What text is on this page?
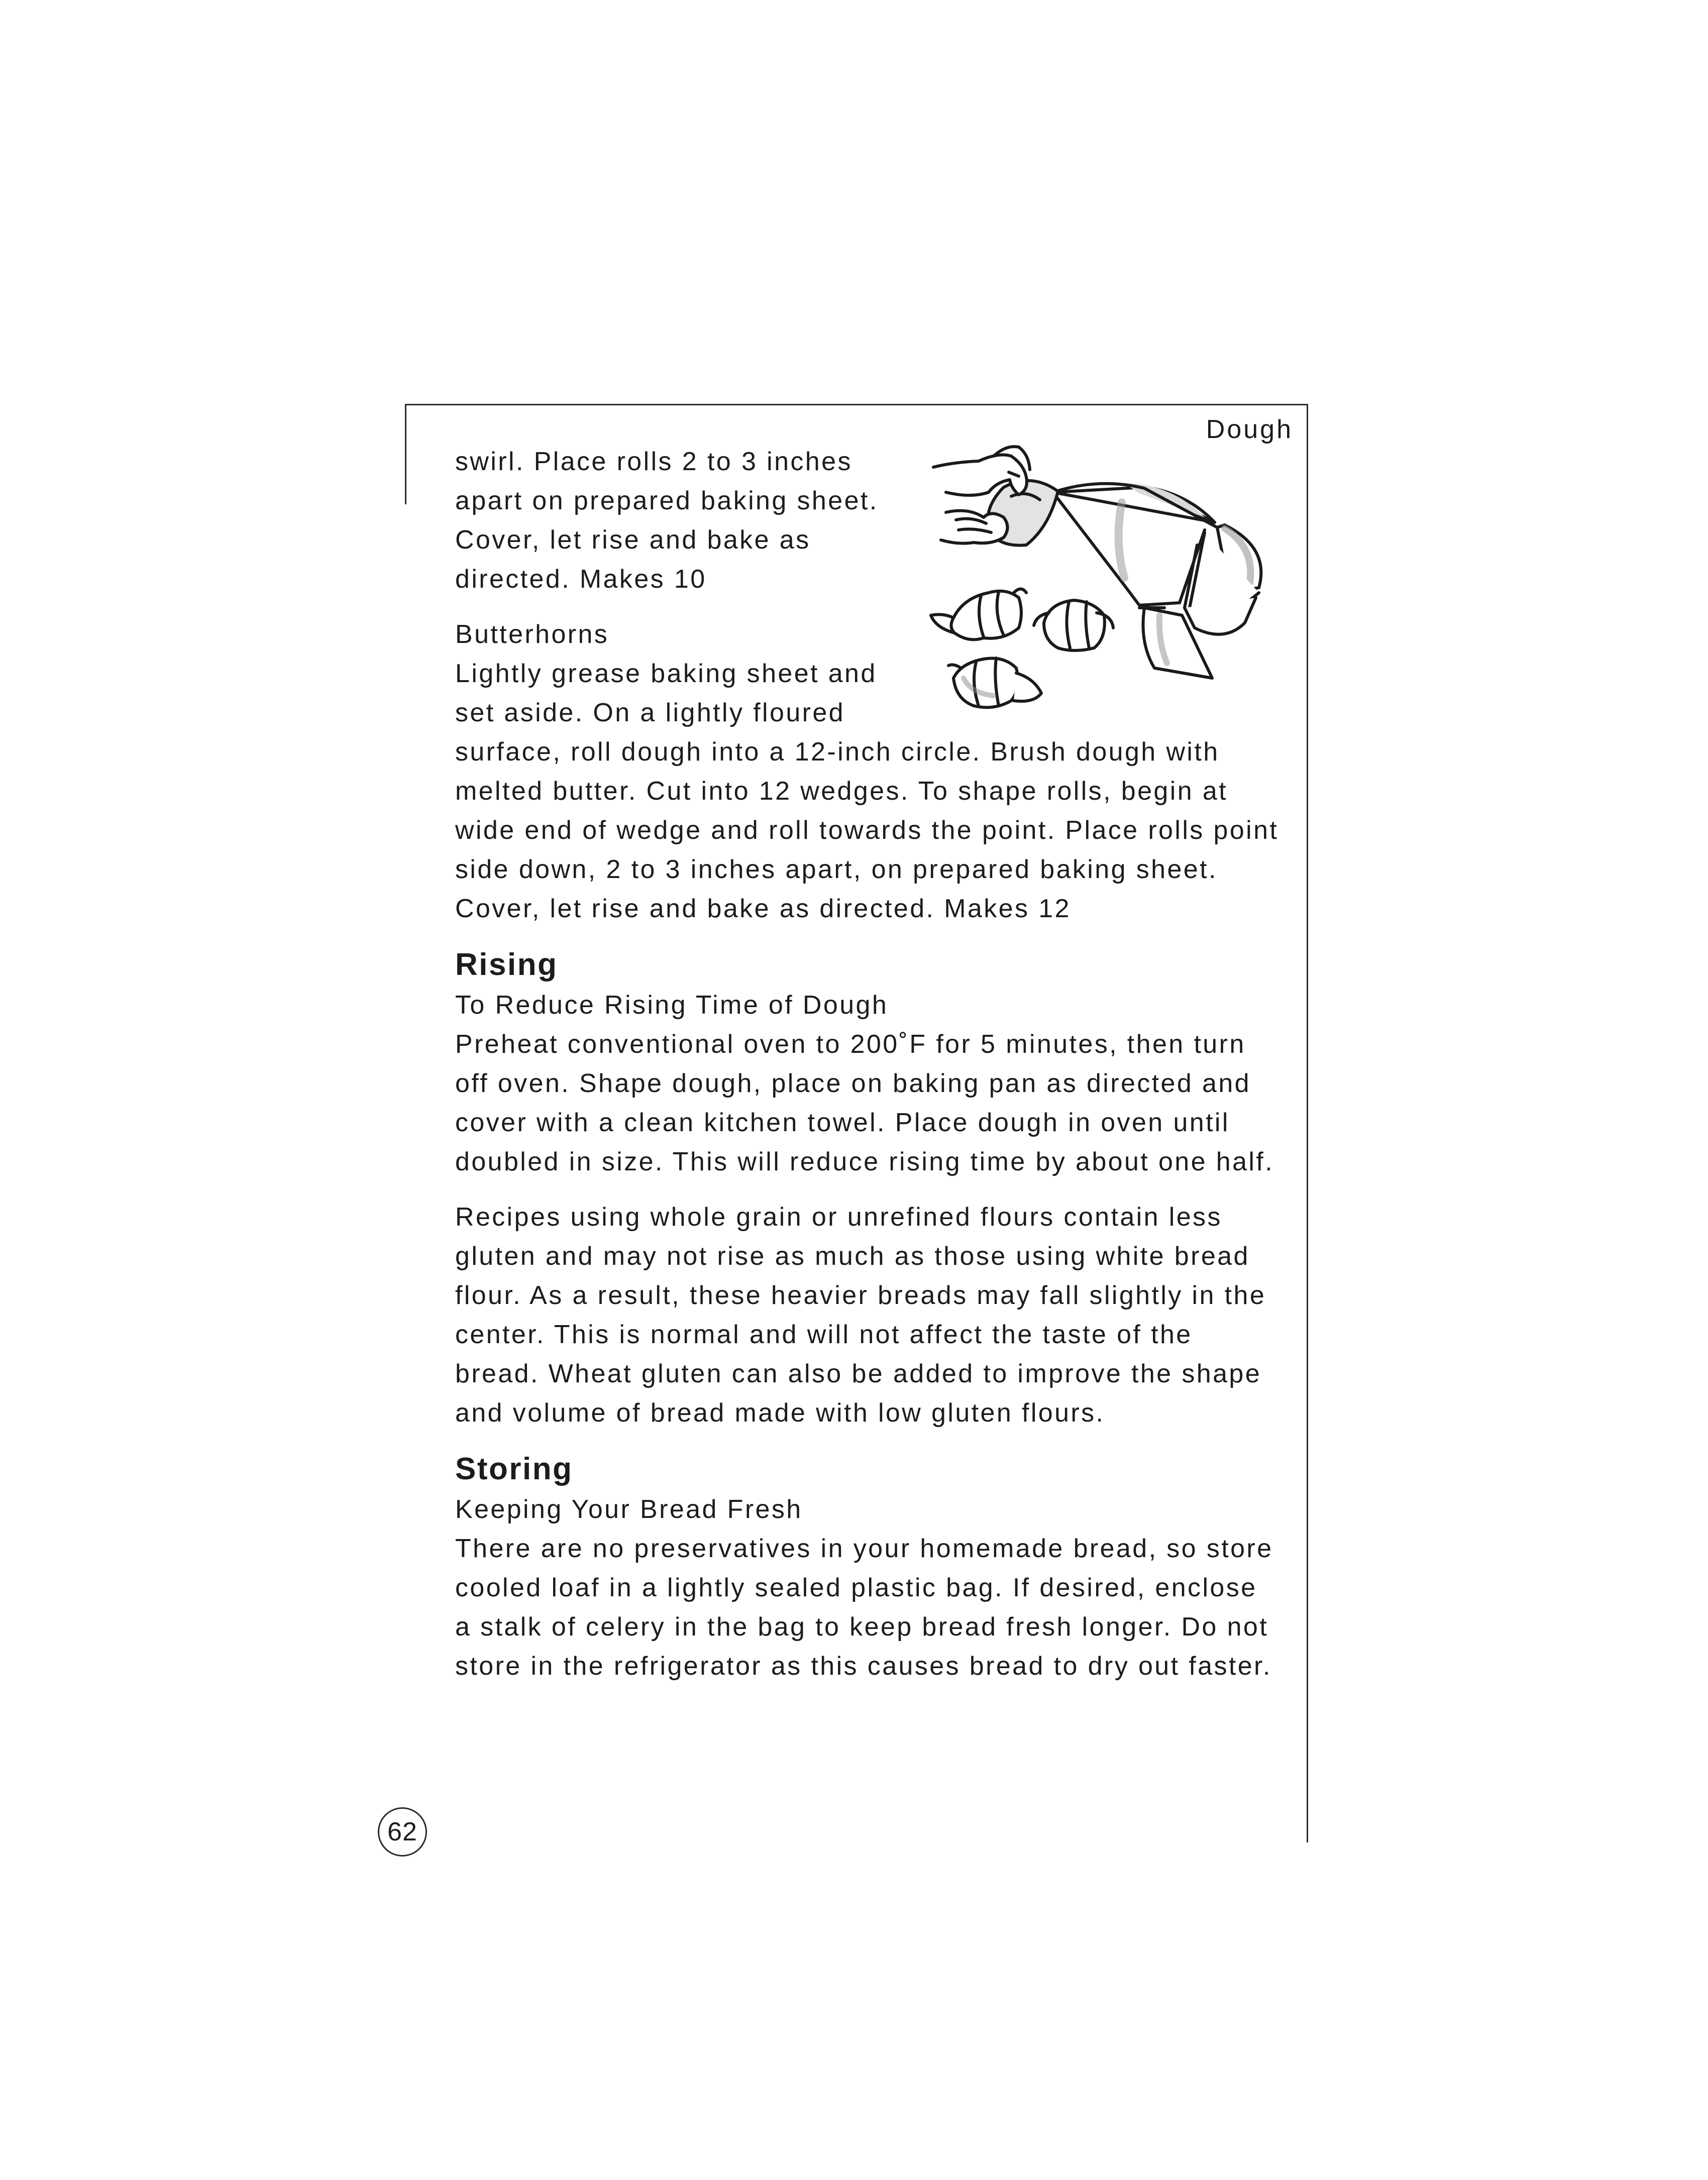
Dough

swirl. Place rolls 2 to 3 inches apart on prepared baking sheet. Cover, let rise and bake as directed. Makes 10

Butterhorns
Lightly grease baking sheet and set aside. On a lightly floured surface, roll dough into a 12-inch circle. Brush dough with melted butter. Cut into 12 wedges. To shape rolls, begin at wide end of wedge and roll towards the point. Place rolls point side down, 2 to 3 inches apart, on prepared baking sheet. Cover, let rise and bake as directed. Makes 12

Rising

To Reduce Rising Time of Dough
Preheat conventional oven to 200˚F for 5 minutes, then turn off oven. Shape dough, place on baking pan as directed and cover with a clean kitchen towel. Place dough in oven until doubled in size. This will reduce rising time by about one half.

Recipes using whole grain or unrefined flours contain less gluten and may not rise as much as those using white bread flour. As a result, these heavier breads may fall slightly in the center. This is normal and will not affect the taste of the bread. Wheat gluten can also be added to improve the shape and volume of bread made with low gluten flours.

Storing

Keeping Your Bread Fresh
There are no preservatives in your homemade bread, so store cooled loaf in a lightly sealed plastic bag. If desired, enclose a stalk of celery in the bag to keep bread fresh longer. Do not store in the refrigerator as this causes bread to dry out faster.

62
